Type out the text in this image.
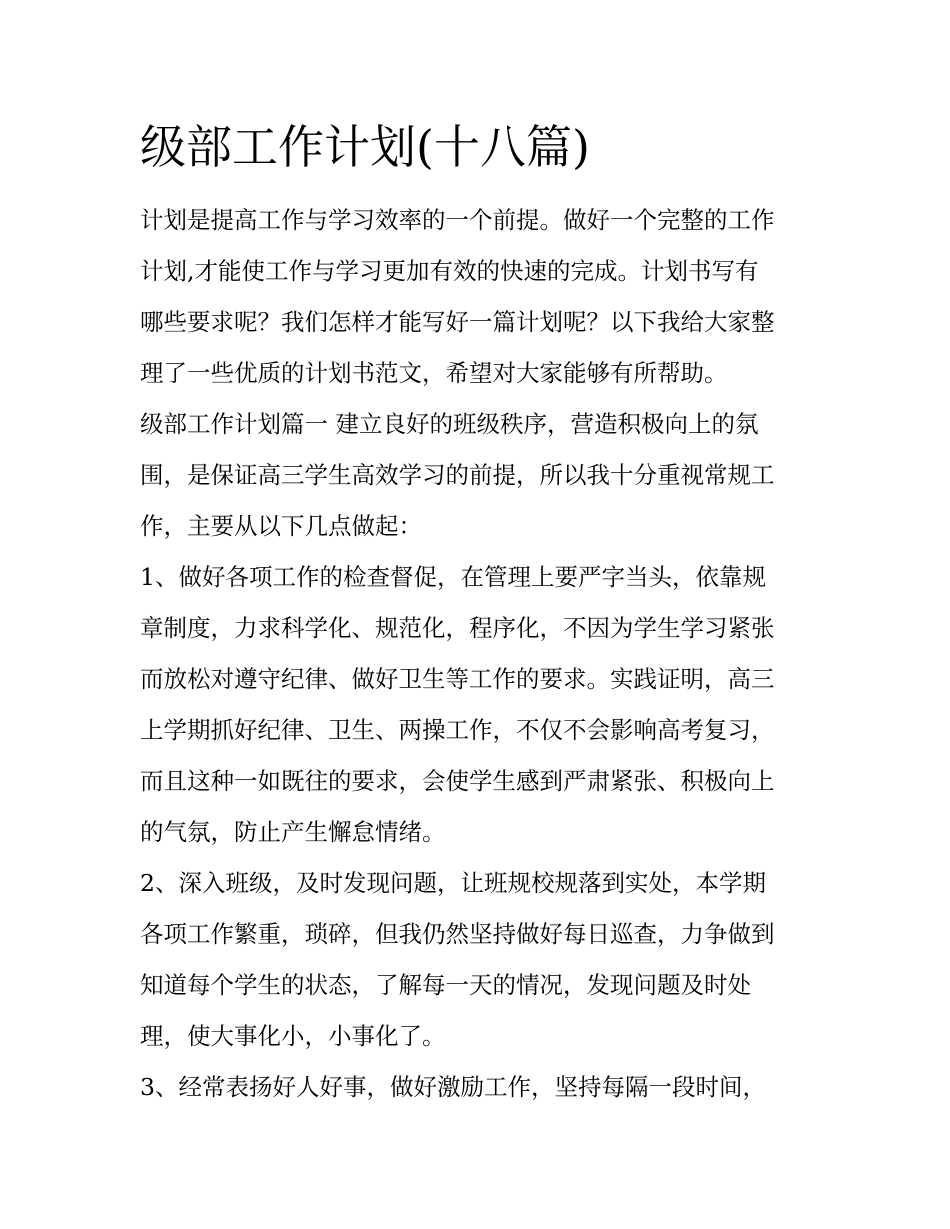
级部工作计划(十八篇)
计划是提高工作与学习效率的一个前提。做好一个完整的工作
计划,才能使工作与学习更加有效的快速的完成。计划书写有
哪些要求呢？我们怎样才能写好一篇计划呢？以下我给大家整
理了一些优质的计划书范文，希望对大家能够有所帮助。
级部工作计划篇一 建立良好的班级秩序，营造积极向上的氛
围，是保证高三学生高效学习的前提，所以我十分重视常规工
作，主要从以下几点做起：
1、做好各项工作的检查督促，在管理上要严字当头，依靠规
章制度，力求科学化、规范化，程序化，不因为学生学习紧张
而放松对遵守纪律、做好卫生等工作的要求。实践证明，高三
上学期抓好纪律、卫生、两操工作，不仅不会影响高考复习，
而且这种一如既往的要求，会使学生感到严肃紧张、积极向上
的气氛，防止产生懈怠情绪。
2、深入班级，及时发现问题，让班规校规落到实处，本学期
各项工作繁重，琐碎，但我仍然坚持做好每日巡查，力争做到
知道每个学生的状态，了解每一天的情况，发现问题及时处
理，使大事化小，小事化了。
3、经常表扬好人好事，做好激励工作，坚持每隔一段时间，
